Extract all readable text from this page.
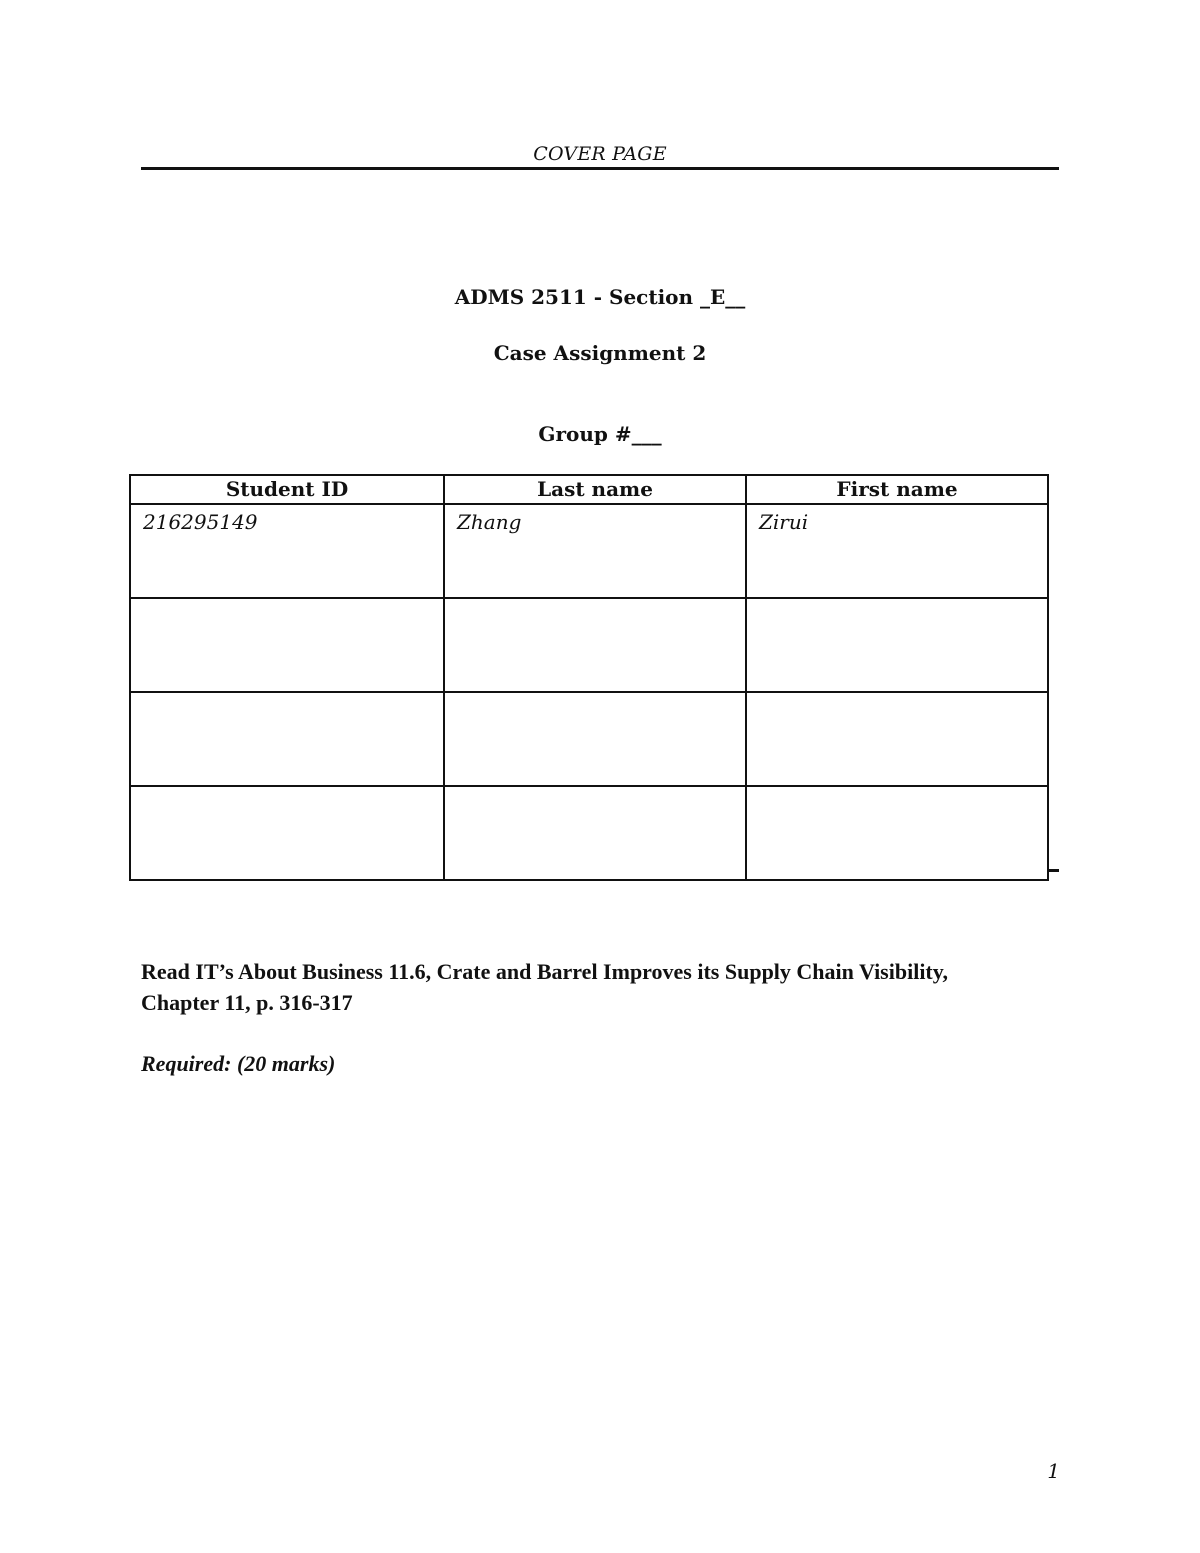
COVER PAGE
ADMS 2511 - Section _E__
Case Assignment 2
Group #___
Student ID	Last name	First name
216295149	Zhang	Zirui

Read IT’s About Business 11.6, Crate and Barrel Improves its Supply Chain Visibility,
Chapter 11, p. 316-317
Required: (20 marks)
1
